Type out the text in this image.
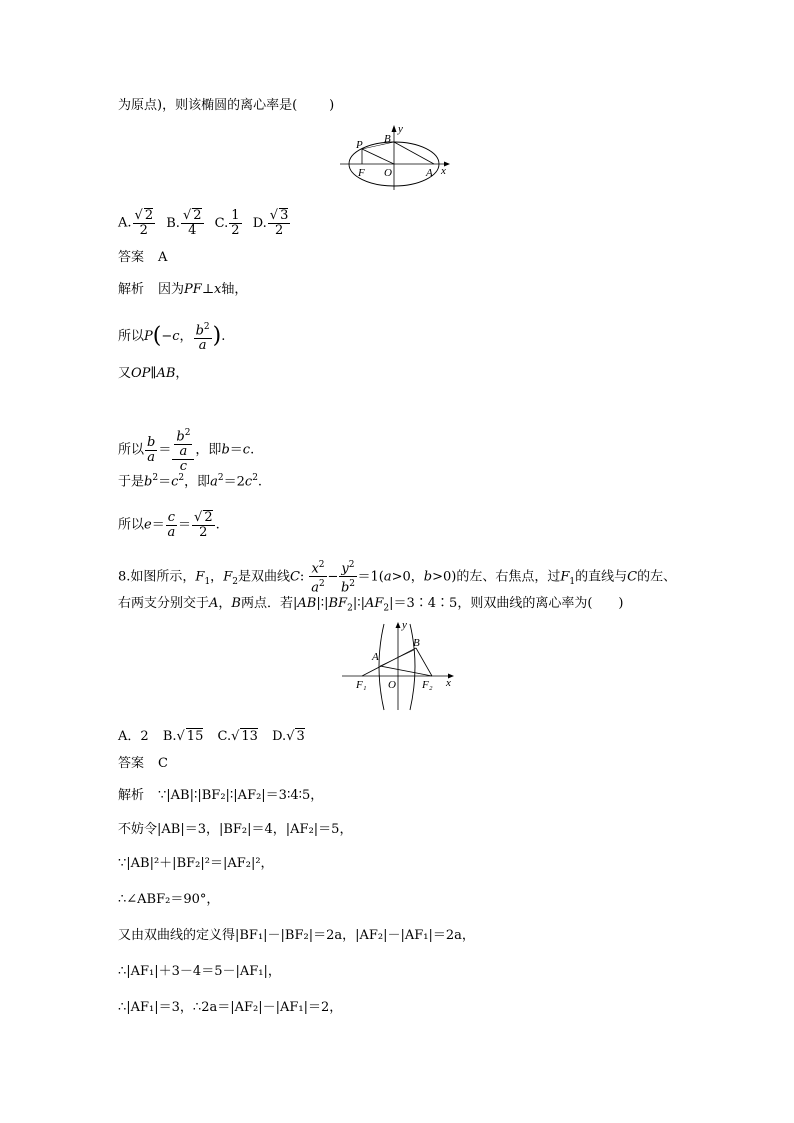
为原点)，则该椭圆的离心率是( )
P B
y
F O	A x
A. $\frac{√ 2}{2} B$. $\frac{√ 2}{4} C$. $\frac{1}{2} D$. $\frac{√ 3}{2}$
答案 A
解析 因为PF⊥x轴，
所以P(−c， $\frac{b^2}{a}$ ).
又OP∥AB，
所以 $\frac{b}{a} = \frac{\frac{b^2}{a}}{c}$ ，即b＝c.
于是$b^2=c^2$，即$a^2=2c^2$.
所以$e= \frac{c}{a} = \frac{√ 2}{2}$ .
8.如图所示，$F_1$，$F_2$是双曲线C: $\frac{x^2}{a^2} - \frac{y^2}{b^2} =1(a>0$，b>0)的左、右焦点，过$F_1$的直线与C的左、
右两支分别交于A，B两点．若$|AB|∶|BF_2|∶|AF_2|=3∶4∶5$，则双曲线的离心率为( )
y
B
A
F₁ O F₂ x
A．2 B.√ 15 C.√ 13 D.√ 3
答案 C
解析 ∵|AB|∶|BF₂|∶|AF₂|＝3∶4∶5，
不妨令|AB|＝3，|BF₂|＝4，|AF₂|＝5，
∵|AB|²＋|BF₂|²＝|AF₂|²，
∴∠ABF₂＝90°，
又由双曲线的定义得|BF₁|－|BF₂|＝2a，|AF₂|－|AF₁|＝2a，
∴|AF₁|＋3－4＝5－|AF₁|，
∴|AF₁|＝3，∴2a＝|AF₂|－|AF₁|＝2，
